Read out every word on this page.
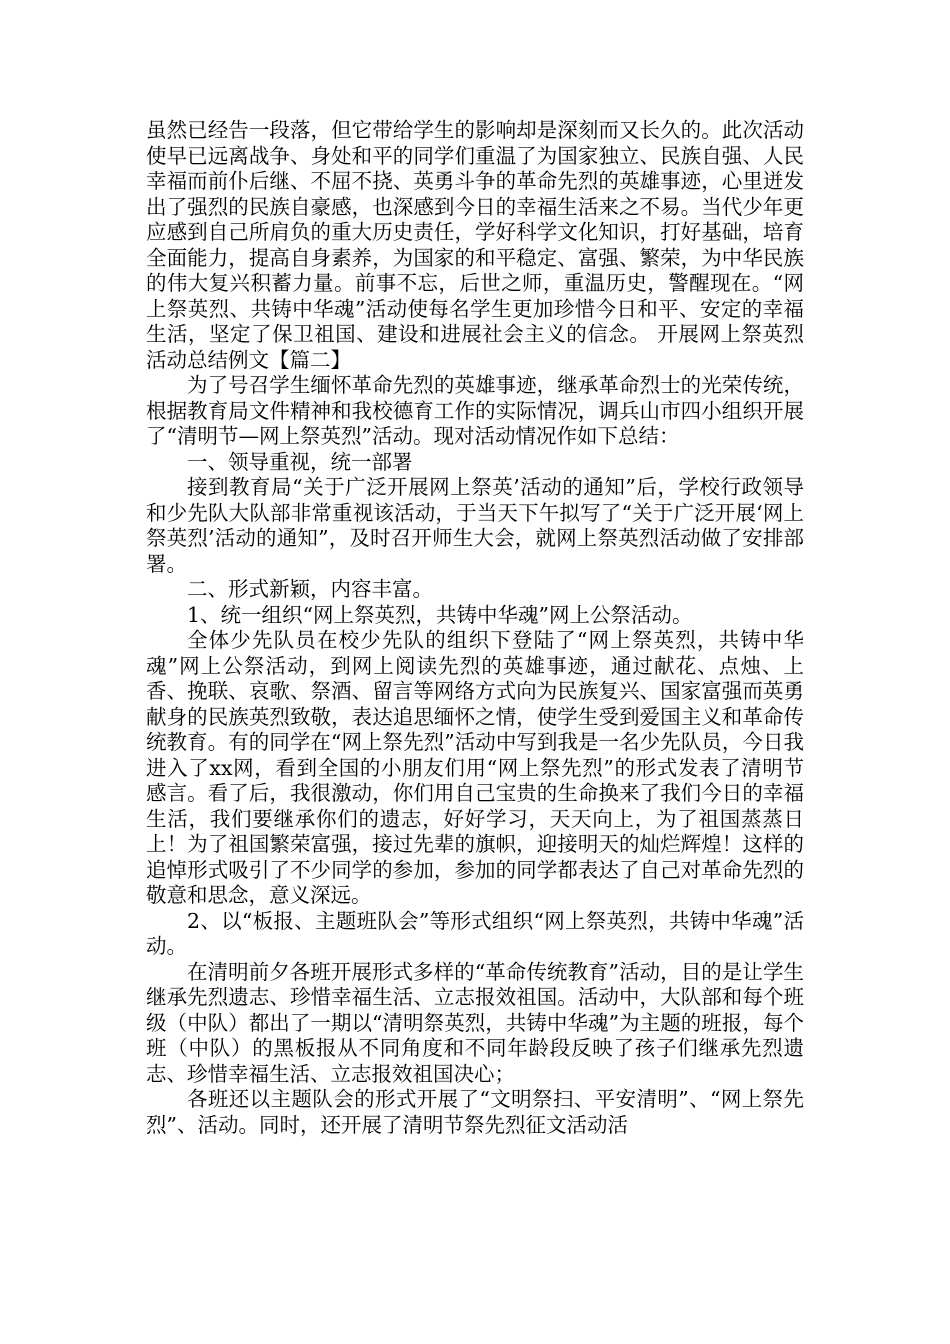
虽然已经告一段落，但它带给学生的影响却是深刻而又长久的。此次活动使早已远离战争、身处和平的同学们重温了为国家独立、民族自强、人民幸福而前仆后继、不屈不挠、英勇斗争的革命先烈的英雄事迹，心里迸发出了强烈的民族自豪感，也深感到今日的幸福生活来之不易。当代少年更应感到自己所肩负的重大历史责任，学好科学文化知识，打好基础，培育全面能力，提高自身素养，为国家的和平稳定、富强、繁荣，为中华民族的伟大复兴积蓄力量。前事不忘，后世之师，重温历史，警醒现在。“网上祭英烈、共铸中华魂”活动使每名学生更加珍惜今日和平、安定的幸福生活，坚定了保卫祖国、建设和进展社会主义的信念。 开展网上祭英烈活动总结例文【篇二】

为了号召学生缅怀革命先烈的英雄事迹，继承革命烈士的光荣传统，根据教育局文件精神和我校德育工作的实际情况，调兵山市四小组织开展了“清明节—网上祭英烈”活动。现对活动情况作如下总结：

一、领导重视，统一部署

接到教育局“关于广泛开展网上祭英’活动的通知”后，学校行政领导和少先队大队部非常重视该活动，于当天下午拟写了“关于广泛开展‘网上祭英烈’活动的通知”，及时召开师生大会，就网上祭英烈活动做了安排部署。

二、形式新颖，内容丰富。

1、统一组织“网上祭英烈，共铸中华魂”网上公祭活动。

全体少先队员在校少先队的组织下登陆了“网上祭英烈，共铸中华魂”网上公祭活动，到网上阅读先烈的英雄事迹，通过献花、点烛、上香、挽联、哀歌、祭酒、留言等网络方式向为民族复兴、国家富强而英勇献身的民族英烈致敬，表达追思缅怀之情，使学生受到爱国主义和革命传统教育。有的同学在“网上祭先烈”活动中写到我是一名少先队员，今日我进入了xx网，看到全国的小朋友们用“网上祭先烈”的形式发表了清明节感言。看了后，我很激动，你们用自己宝贵的生命换来了我们今日的幸福生活，我们要继承你们的遗志，好好学习，天天向上，为了祖国蒸蒸日上！为了祖国繁荣富强，接过先辈的旗帜，迎接明天的灿烂辉煌！这样的追悼形式吸引了不少同学的参加，参加的同学都表达了自己对革命先烈的敬意和思念，意义深远。

2、以“板报、主题班队会”等形式组织“网上祭英烈，共铸中华魂”活动。

在清明前夕各班开展形式多样的“革命传统教育”活动，目的是让学生继承先烈遗志、珍惜幸福生活、立志报效祖国。活动中，大队部和每个班级（中队）都出了一期以“清明祭英烈，共铸中华魂”为主题的班报，每个班（中队）的黑板报从不同角度和不同年龄段反映了孩子们继承先烈遗志、珍惜幸福生活、立志报效祖国决心；

各班还以主题队会的形式开展了“文明祭扫、平安清明”、“网上祭先烈”、活动。同时，还开展了清明节祭先烈征文活动活
